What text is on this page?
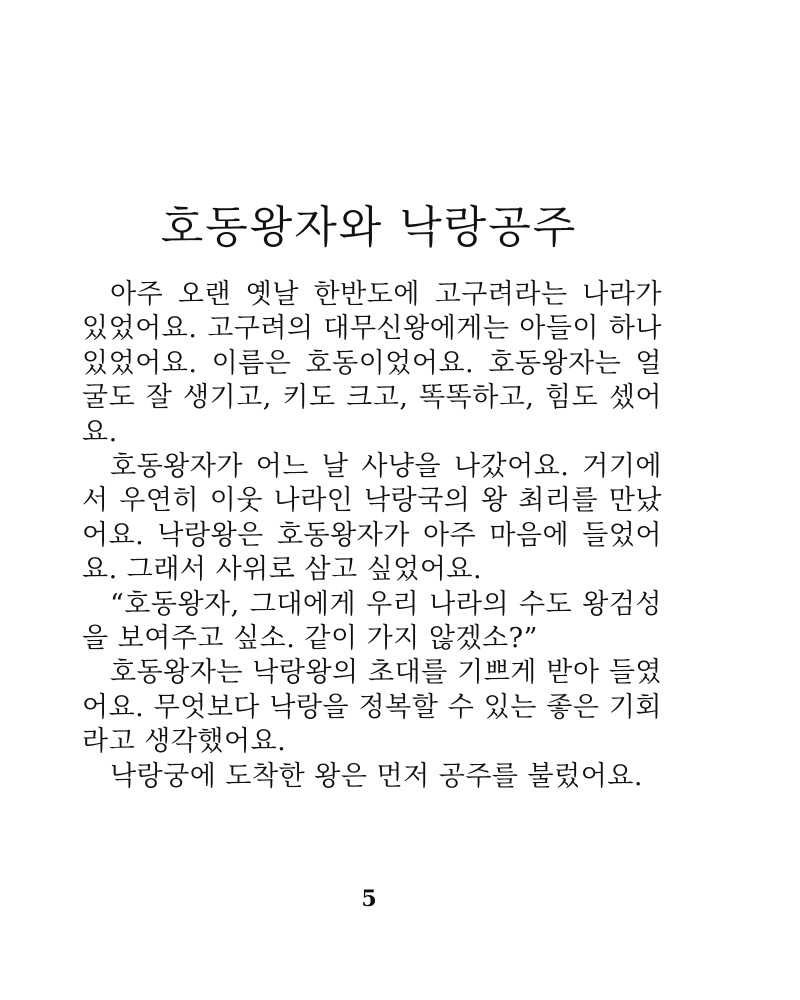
호동왕자와 낙랑공주

아주 오랜 옛날 한반도에 고구려라는 나라가 있었어요. 고구려의 대무신왕에게는 아들이 하나 있었어요. 이름은 호동이었어요. 호동왕자는 얼굴도 잘 생기고, 키도 크고, 똑똑하고, 힘도 셌어요.

호동왕자가 어느 날 사냥을 나갔어요. 거기에서 우연히 이웃 나라인 낙랑국의 왕 최리를 만났어요. 낙랑왕은 호동왕자가 아주 마음에 들었어요. 그래서 사위로 삼고 싶었어요.

“호동왕자, 그대에게 우리 나라의 수도 왕검성을 보여주고 싶소. 같이 가지 않겠소?”

호동왕자는 낙랑왕의 초대를 기쁘게 받아 들였어요. 무엇보다 낙랑을 정복할 수 있는 좋은 기회라고 생각했어요.

낙랑궁에 도착한 왕은 먼저 공주를 불렀어요.

5
